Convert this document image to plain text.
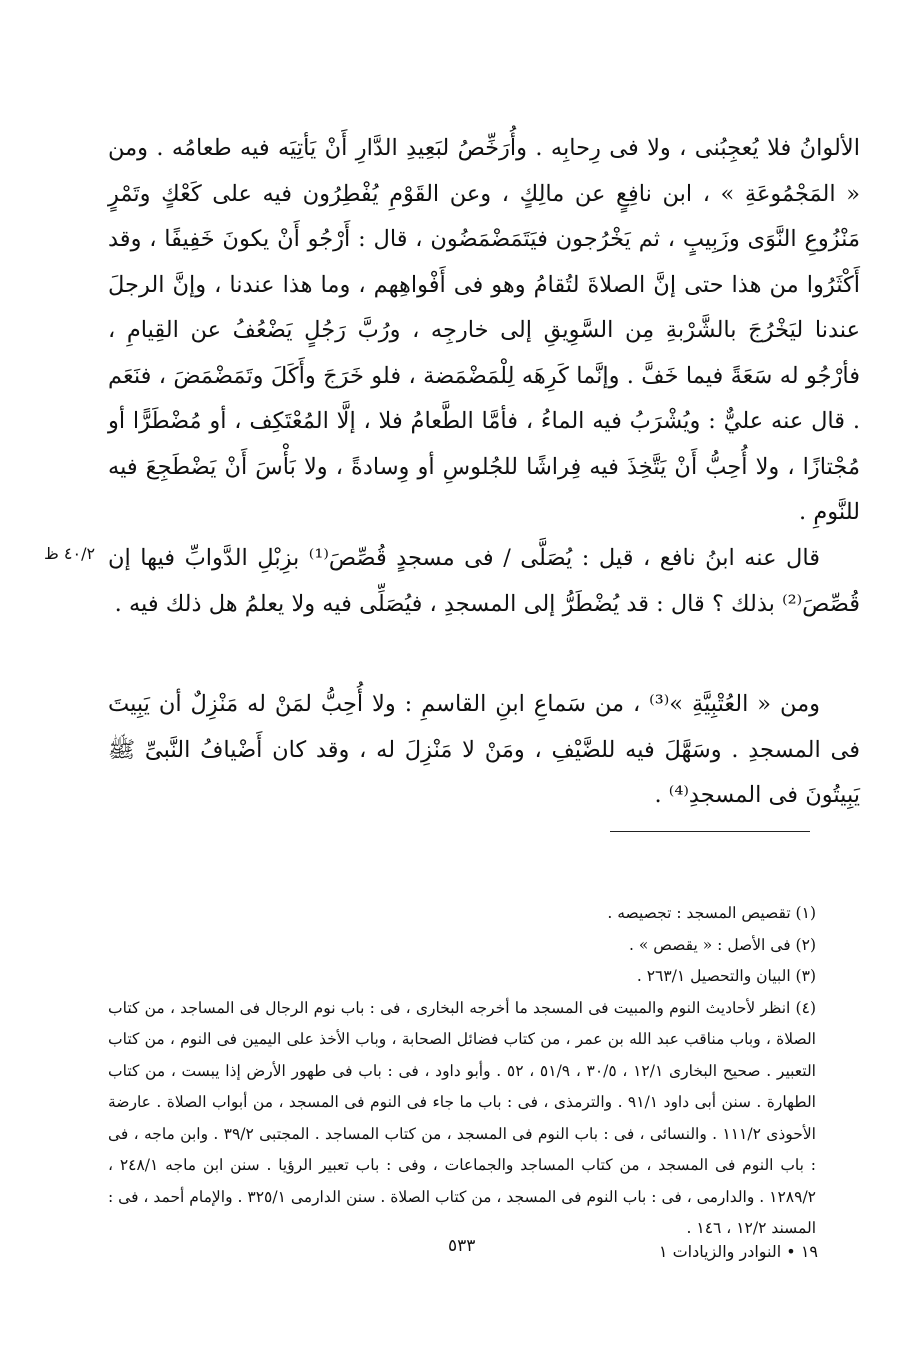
الألوانُ فلا يُعجِبُنى ، ولا فى رِحابِه . وأُرَخِّصُ لبَعِيدِ الدَّارِ أَنْ يَأتِيَه فيه طعامُه . ومن « المَجْمُوعَةِ » ، ابن نافِعٍ عن مالِكٍ ، وعن القَوْمِ يُفْطِرُون فيه على كَعْكٍ وتَمْرٍ مَنْزُوعِ النَّوَى وزَبِيبٍ ، ثم يَخْرُجون فيَتَمَضْمَضُون ، قال : أَرْجُو أَنْ يكونَ خَفِيفًا ، وقد أَكْثَرُوا من هذا حتى إنَّ الصلاةَ لتُقامُ وهو فى أَفْواهِهم ، وما هذا عندنا ، وإنَّ الرجلَ عندنا ليَخْرُجَ بالشَّرْبةِ مِن السَّوِيقِ إلى خارجِه ، ورُبَّ رَجُلٍ يَضْعُفُ عن القِيامِ ، فأرْجُو له سَعَةً فيما خَفَّ . وإنَّما كَرِهَه لِلْمَضْمَضة ، فلو خَرَجَ وأَكَلَ وتَمَضْمَضَ ، فنَعَم . قال عنه عليٌّ : ويُشْرَبُ فيه الماءُ ، فأمَّا الطَّعامُ فلا ، إلَّا المُعْتَكِف ، أو مُضْطَرًّا أو مُجْتازًا ، ولا أُحِبُّ أَنْ يَتَّخِذَ فيه فِراشًا للجُلوسِ أو وِسادةً ، ولا بَأْسَ أَنْ يَضْطَجِعَ فيه للنَّومِ .

٤٠/٢ ظ قال عنه ابنُ نافع ، قيل : يُصَلَّى / فى مسجدٍ قُصِّصَ⁽¹⁾ بزِبْلِ الدَّوابِّ فيها إن قُصِّصَ⁽²⁾ بذلك ؟ قال : قد يُضْطَرُّ إلى المسجدِ ، فيُصَلِّى فيه ولا يعلمُ هل ذلك فيه .

ومن « العُتْبِيَّةِ »⁽³⁾ ، من سَماعِ ابنِ القاسمِ : ولا أُحِبُّ لمَنْ له مَنْزِلٌ أن يَبِيتَ فى المسجدِ . وسَهَّلَ فيه للضَّيْفِ ، ومَنْ لا مَنْزِلَ له ، وقد كان أَضْيافُ النَّبىِّ ﷺ يَبِيتُونَ فى المسجدِ⁽⁴⁾ .

(١) تقصيص المسجد : تجصيصه .
(٢) فى الأصل : « يقصص » .
(٣) البيان والتحصيل ٢٦٣/١ .
(٤) انظر لأحاديث النوم والمبيت فى المسجد ما أخرجه البخارى ، فى : باب نوم الرجال فى المساجد ، من كتاب الصلاة ، وباب مناقب عبد الله بن عمر ، من كتاب فضائل الصحابة ، وباب الأخذ على اليمين فى النوم ، من كتاب التعبير . صحيح البخارى ١٢/١ ، ٣٠/٥ ، ٥١/٩ ، ٥٢ . وأبو داود ، فى : باب فى طهور الأرض إذا يبست ، من كتاب الطهارة . سنن أبى داود ٩١/١ . والترمذى ، فى : باب ما جاء فى النوم فى المسجد ، من أبواب الصلاة . عارضة الأحوذى ١١١/٢ . والنسائى ، فى : باب النوم فى المسجد ، من كتاب المساجد . المجتبى ٣٩/٢ . وابن ماجه ، فى : باب النوم فى المسجد ، من كتاب المساجد والجماعات ، وفى : باب تعبير الرؤيا . سنن ابن ماجه ٢٤٨/١ ، ١٢٨٩/٢ . والدارمى ، فى : باب النوم فى المسجد ، من كتاب الصلاة . سنن الدارمى ٣٢٥/١ . والإمام أحمد ، فى : المسند ١٢/٢ ، ١٤٦ .
١٩ • النوادر والزيادات ١
٥٣٣
